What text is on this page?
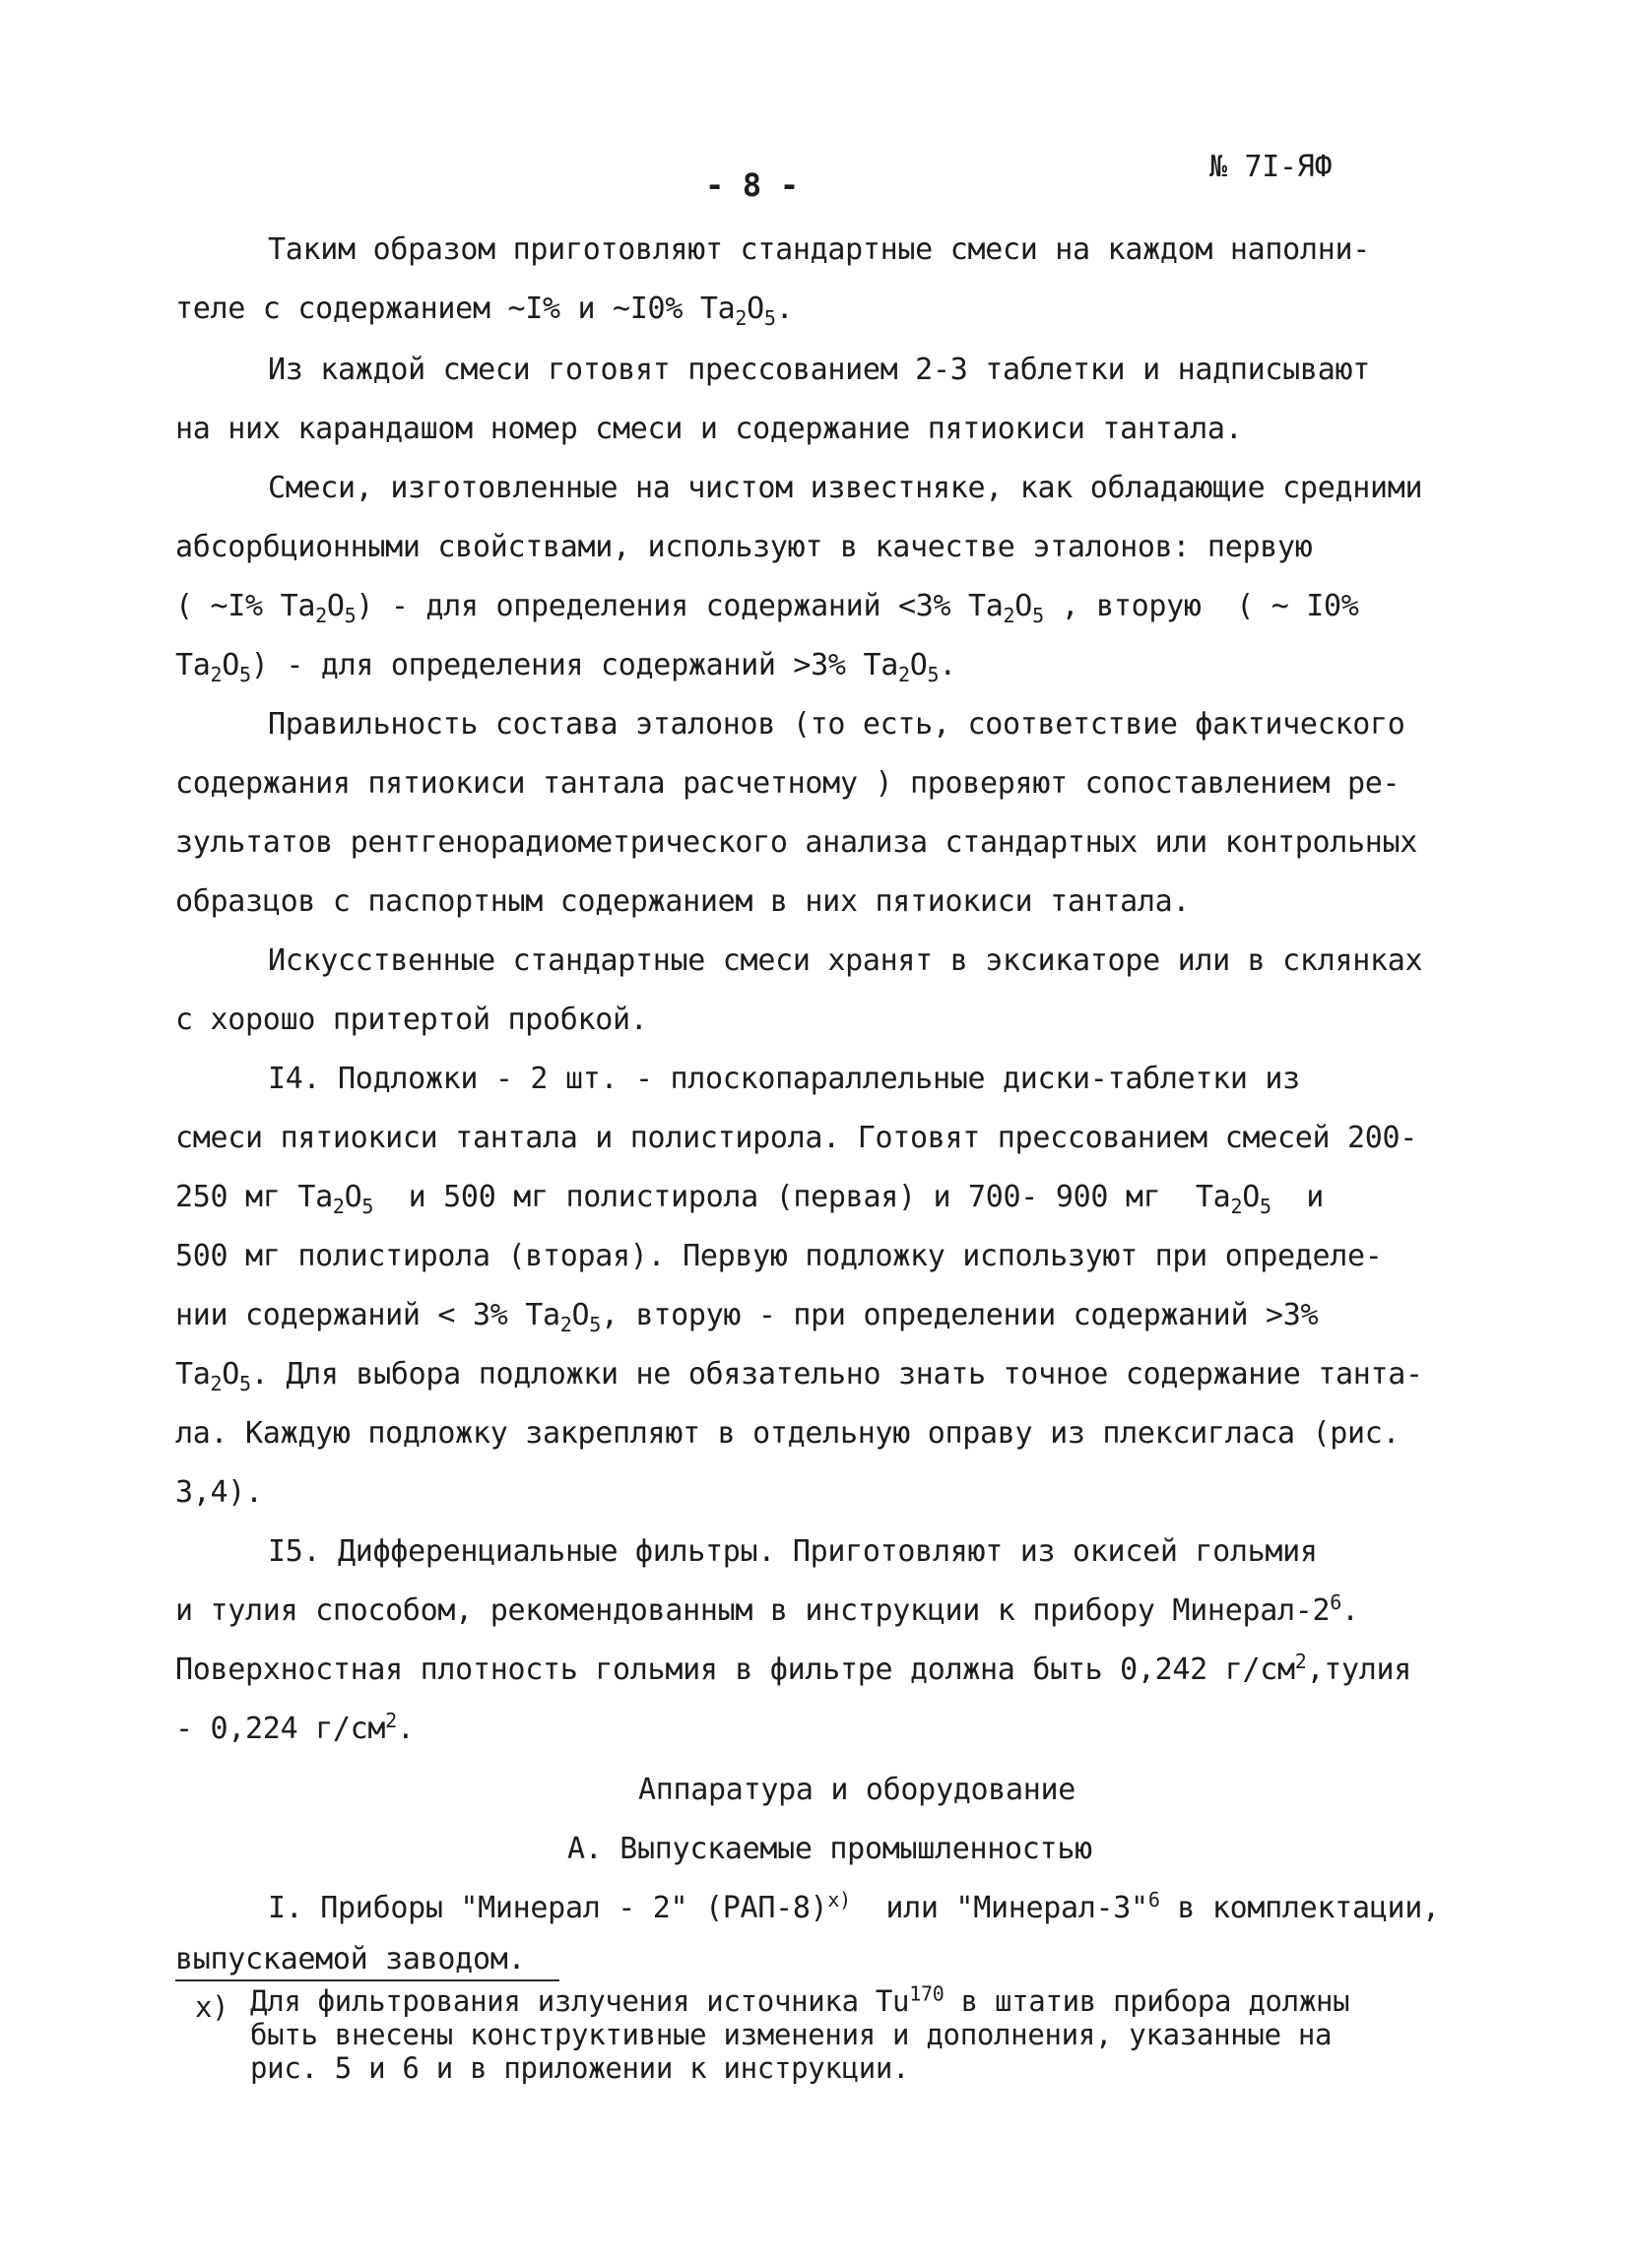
- 8 -	№ 7I-ЯФ
Таким образом приготовляют стандартные смеси на каждом наполни-
теле с содержанием ~I% и ~I0% $Ta_2O_5$.
Из каждой смеси готовят прессованием 2-3 таблетки и надписывают
на них карандашом номер смеси и содержание пятиокиси тантала.
Смеси, изготовленные на чистом известняке, как обладающие средними
абсорбционными свойствами, используют в качестве эталонов: первую
( ~I% $Ta_2O_5$) - для определения содержаний <3% $Ta_2O_5$ , вторую  ( ~ I0%
$Ta_2O_5$) - для определения содержаний >3% $Ta_2O_5$.
Правильность состава эталонов (то есть, соответствие фактического
содержания пятиокиси тантала расчетному ) проверяют сопоставлением ре-
зультатов рентгенорадиометрического анализа стандартных или контрольных
образцов с паспортным содержанием в них пятиокиси тантала.
Искусственные стандартные смеси хранят в эксикаторе или в склянках
с хорошо притертой пробкой.
I4. Подложки - 2 шт. - плоскопараллельные диски-таблетки из
смеси пятиокиси тантала и полистирола. Готовят прессованием смесей 200-
250 мг $Ta_2O_5$  и 500 мг полистирола (первая) и 700- 900 мг  $Ta_2O_5$  и
500 мг полистирола (вторая). Первую подложку используют при определе-
нии содержаний < 3% $Ta_2O_5$, вторую - при определении содержаний >3%
$Ta_2O_5$. Для выбора подложки не обязательно знать точное содержание танта-
ла. Каждую подложку закрепляют в отдельную оправу из плексигласа (рис.
3,4).
I5. Дифференциальные фильтры. Приготовляют из окисей гольмия
и тулия способом, рекомендованным в инструкции к прибору Минерал-$2^6$.
Поверхностная плотность гольмия в фильтре должна быть 0,242 $г/см^2,тулия$
- 0,224 $г/см^2$.
Аппаратура и оборудование
А. Выпускаемые промышленностью
I. Приборы "Минерал - 2" $(РАП-8)^{x)}$  или "Минерал-3"$^6$ в комплектации,
выпускаемой заводом.
x) Для фильтрования излучения источника Tu$^{170}$ в штатив прибора должны
быть внесены конструктивные изменения и дополнения, указанные на
рис. 5 и 6 и в приложении к инструкции.
